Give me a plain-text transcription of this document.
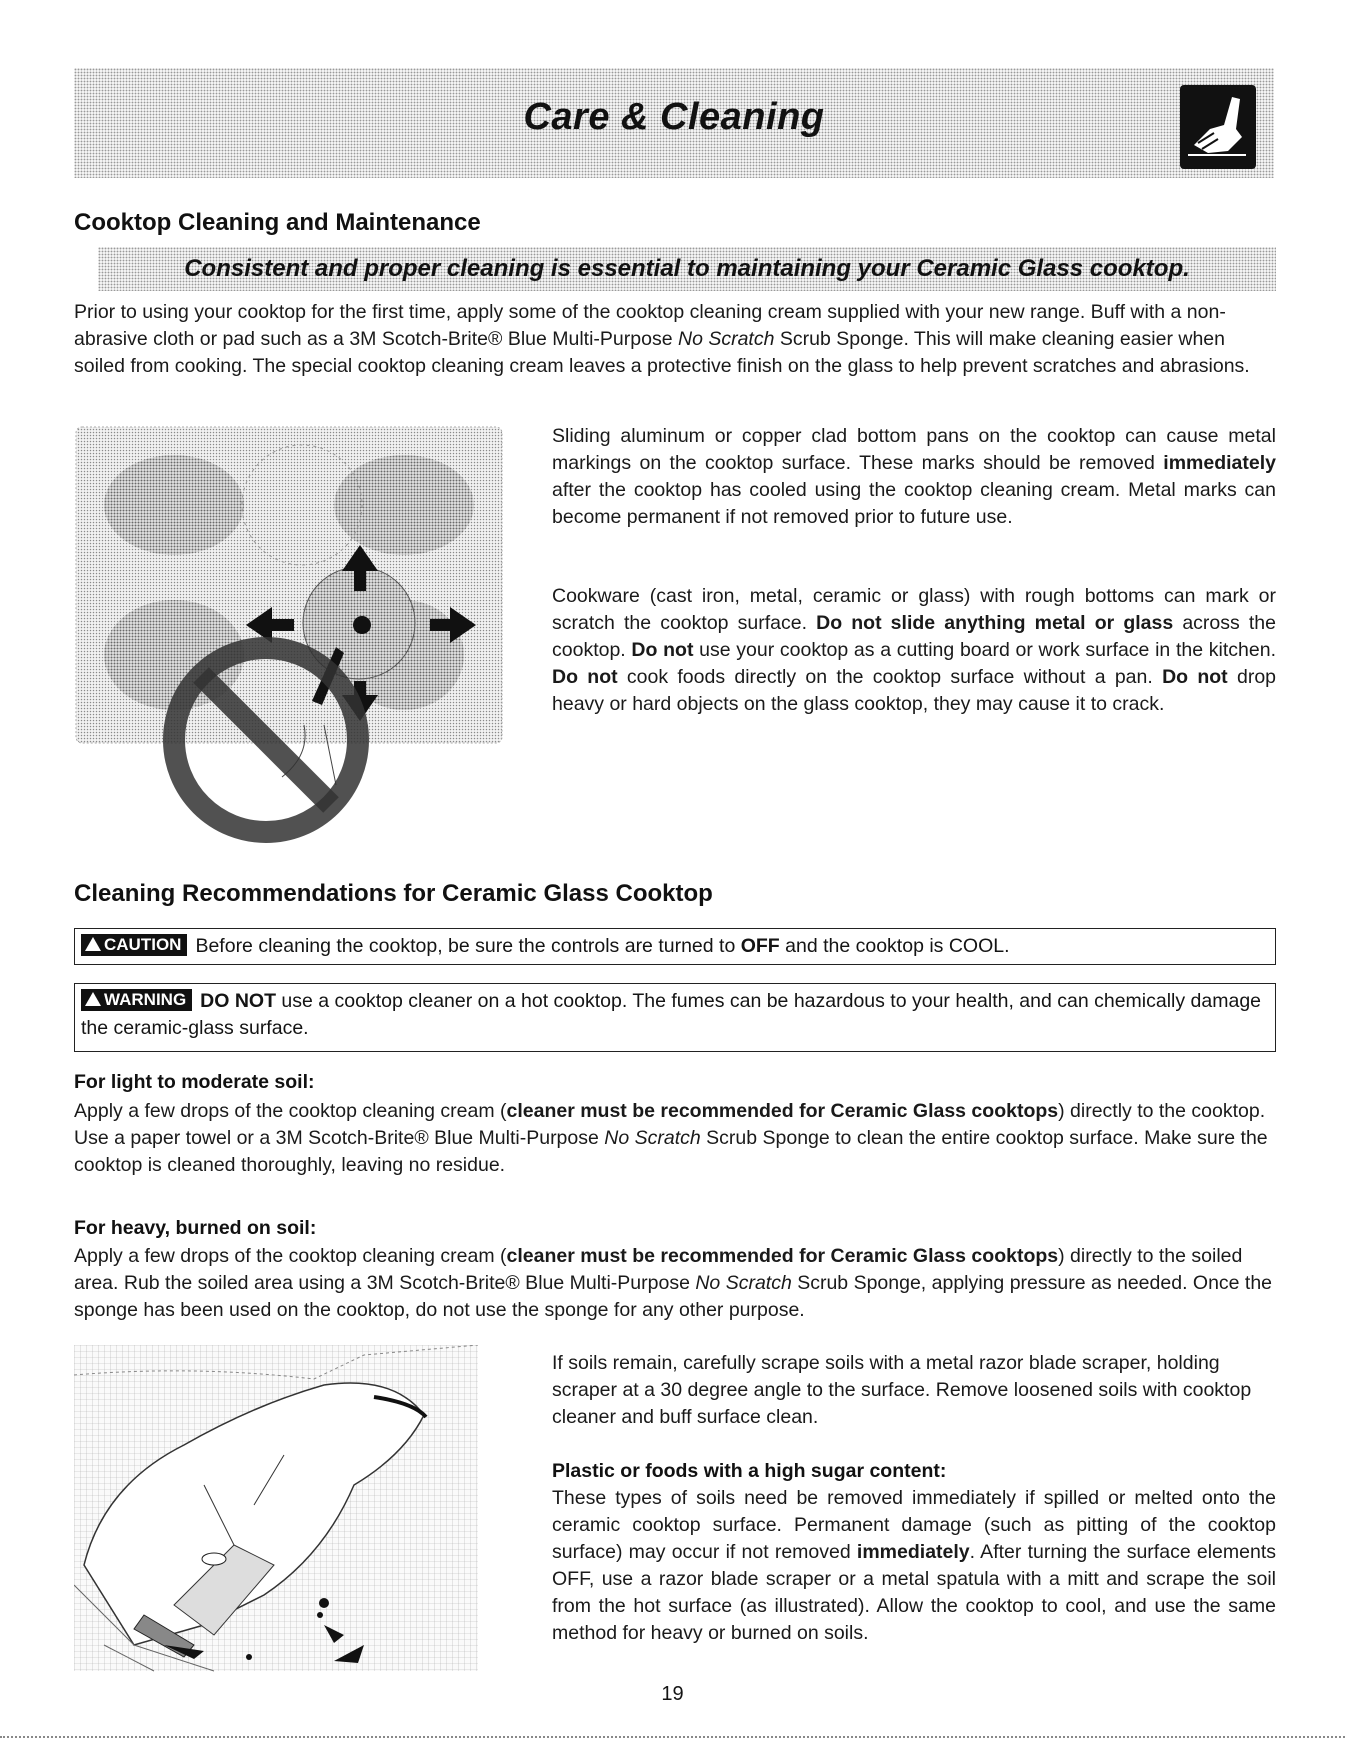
Care & Cleaning
Cooktop Cleaning and Maintenance
Consistent and proper cleaning is essential to maintaining your Ceramic Glass cooktop.

Prior to using your cooktop for the first time, apply some of the cooktop cleaning cream supplied with your new range. Buff with a non-abrasive cloth or pad such as a 3M Scotch-Brite® Blue Multi-Purpose No Scratch Scrub Sponge. This will make cleaning easier when soiled from cooking. The special cooktop cleaning cream leaves a protective finish on the glass to help prevent scratches and abrasions.

Sliding aluminum or copper clad bottom pans on the cooktop can cause metal markings on the cooktop surface. These marks should be removed immediately after the cooktop has cooled using the cooktop cleaning cream. Metal marks can become permanent if not removed prior to future use.

Cookware (cast iron, metal, ceramic or glass) with rough bottoms can mark or scratch the cooktop surface. Do not slide anything metal or glass across the cooktop. Do not use your cooktop as a cutting board or work surface in the kitchen. Do not cook foods directly on the cooktop surface without a pan. Do not drop heavy or hard objects on the glass cooktop, they may cause it to crack.

Cleaning Recommendations for Ceramic Glass Cooktop
CAUTION Before cleaning the cooktop, be sure the controls are turned to OFF and the cooktop is COOL.
WARNING DO NOT use a cooktop cleaner on a hot cooktop. The fumes can be hazardous to your health, and can chemically damage the ceramic-glass surface.
For light to moderate soil:

Apply a few drops of the cooktop cleaning cream (cleaner must be recommended for Ceramic Glass cooktops) directly to the cooktop. Use a paper towel or a 3M Scotch-Brite® Blue Multi-Purpose No Scratch Scrub Sponge to clean the entire cooktop surface. Make sure the cooktop is cleaned thoroughly, leaving no residue.

For heavy, burned on soil:

Apply a few drops of the cooktop cleaning cream (cleaner must be recommended for Ceramic Glass cooktops) directly to the soiled area. Rub the soiled area using a 3M Scotch-Brite® Blue Multi-Purpose No Scratch Scrub Sponge, applying pressure as needed. Once the sponge has been used on the cooktop, do not use the sponge for any other purpose.

If soils remain, carefully scrape soils with a metal razor blade scraper, holding scraper at a 30 degree angle to the surface. Remove loosened soils with cooktop cleaner and buff surface clean.

Plastic or foods with a high sugar content:

These types of soils need be removed immediately if spilled or melted onto the ceramic cooktop surface. Permanent damage (such as pitting of the cooktop surface) may occur if not removed immediately. After turning the surface elements OFF, use a razor blade scraper or a metal spatula with a mitt and scrape the soil from the hot surface (as illustrated). Allow the cooktop to cool, and use the same method for heavy or burned on soils.

19
